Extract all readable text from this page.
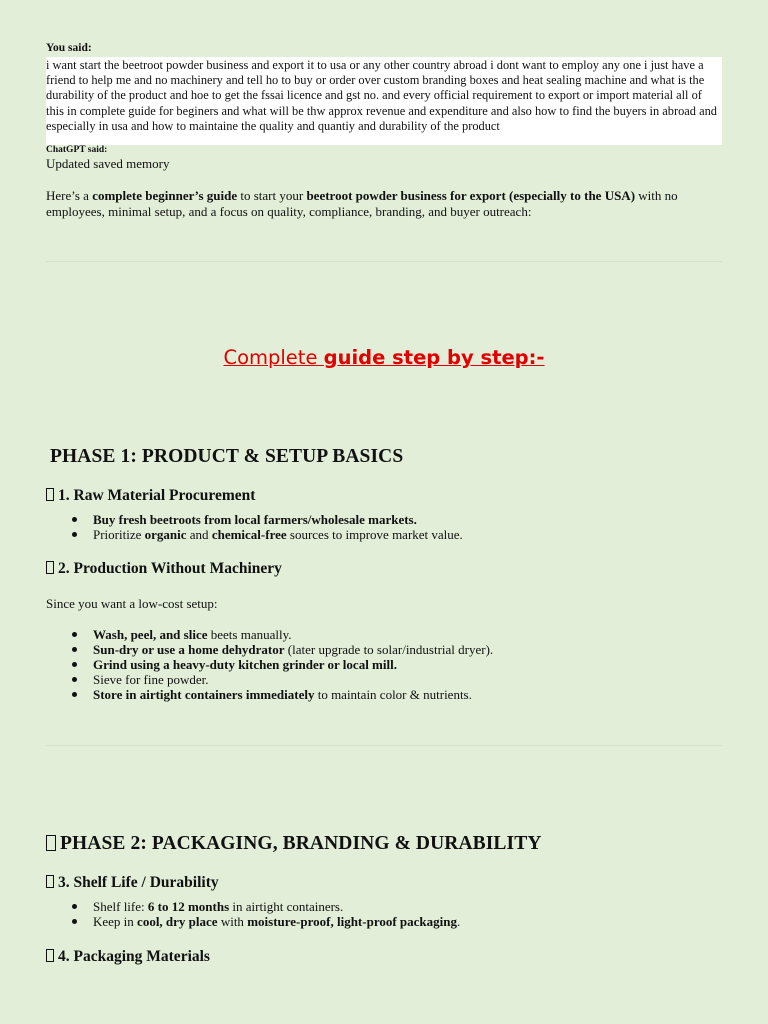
You said:
i want start the beetroot powder business and export it to usa or any other country abroad i dont want to employ any one i just have a friend to help me and no machinery and tell ho to buy or order over custom branding boxes and heat sealing machine and what is the durability of the product and hoe to get the fssai licence and gst no. and every official requirement to export or import material all of this in complete guide for beginers and what will be thw approx revenue and expenditure and also how to find the buyers in abroad and especially in usa and how to maintaine the quality and quantiy and durability of the product
ChatGPT said:
Updated saved memory
Here’s a complete beginner’s guide to start your beetroot powder business for export (especially to the USA) with no employees, minimal setup, and a focus on quality, compliance, branding, and buyer outreach:
Complete guide step by step:-
PHASE 1: PRODUCT & SETUP BASICS
1. Raw Material Procurement
Buy fresh beetroots from local farmers/wholesale markets.
Prioritize organic and chemical-free sources to improve market value.
2. Production Without Machinery
Since you want a low-cost setup:
Wash, peel, and slice beets manually.
Sun-dry or use a home dehydrator (later upgrade to solar/industrial dryer).
Grind using a heavy-duty kitchen grinder or local mill.
Sieve for fine powder.
Store in airtight containers immediately to maintain color & nutrients.
PHASE 2: PACKAGING, BRANDING & DURABILITY
3. Shelf Life / Durability
Shelf life: 6 to 12 months in airtight containers.
Keep in cool, dry place with moisture-proof, light-proof packaging.
4. Packaging Materials
